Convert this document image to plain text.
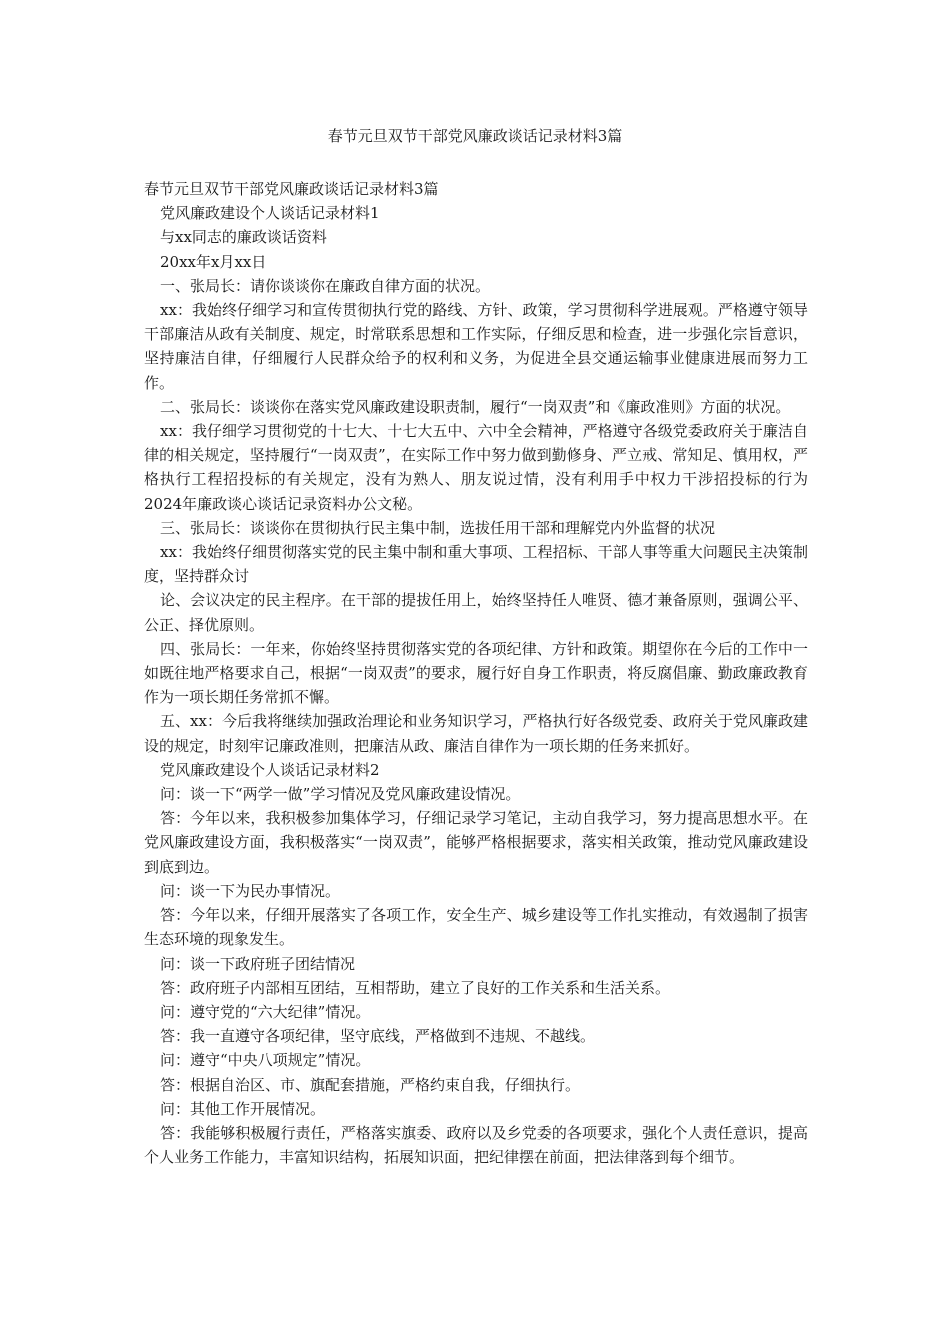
春节元旦双节干部党风廉政谈话记录材料3篇

春节元旦双节干部党风廉政谈话记录材料3篇

党风廉政建设个人谈话记录材料1

与xx同志的廉政谈话资料

20xx年x月xx日

一、张局长：请你谈谈你在廉政自律方面的状况。

xx：我始终仔细学习和宣传贯彻执行党的路线、方针、政策，学习贯彻科学进展观。严格遵守领导干部廉洁从政有关制度、规定，时常联系思想和工作实际，仔细反思和检查，进一步强化宗旨意识，坚持廉洁自律，仔细履行人民群众给予的权利和义务，为促进全县交通运输事业健康进展而努力工作。

二、张局长：谈谈你在落实党风廉政建设职责制，履行“一岗双责”和《廉政准则》方面的状况。

xx：我仔细学习贯彻党的十七大、十七大五中、六中全会精神，严格遵守各级党委政府关于廉洁自律的相关规定，坚持履行“一岗双责”，在实际工作中努力做到勤修身、严立戒、常知足、慎用权，严格执行工程招投标的有关规定，没有为熟人、朋友说过情，没有利用手中权力干涉招投标的行为2024年廉政谈心谈话记录资料办公文秘。

三、张局长：谈谈你在贯彻执行民主集中制，选拔任用干部和理解党内外监督的状况

xx：我始终仔细贯彻落实党的民主集中制和重大事项、工程招标、干部人事等重大问题民主决策制度，坚持群众讨

论、会议决定的民主程序。在干部的提拔任用上，始终坚持任人唯贤、德才兼备原则，强调公平、公正、择优原则。

四、张局长：一年来，你始终坚持贯彻落实党的各项纪律、方针和政策。期望你在今后的工作中一如既往地严格要求自己，根据“一岗双责”的要求，履行好自身工作职责，将反腐倡廉、勤政廉政教育作为一项长期任务常抓不懈。

五、xx：今后我将继续加强政治理论和业务知识学习，严格执行好各级党委、政府关于党风廉政建设的规定，时刻牢记廉政准则，把廉洁从政、廉洁自律作为一项长期的任务来抓好。

党风廉政建设个人谈话记录材料2

问：谈一下“两学一做”学习情况及党风廉政建设情况。

答：今年以来，我积极参加集体学习，仔细记录学习笔记，主动自我学习，努力提高思想水平。在党风廉政建设方面，我积极落实“一岗双责”，能够严格根据要求，落实相关政策，推动党风廉政建设到底到边。

问：谈一下为民办事情况。

答：今年以来，仔细开展落实了各项工作，安全生产、城乡建设等工作扎实推动，有效遏制了损害生态环境的现象发生。

问：谈一下政府班子团结情况

答：政府班子内部相互团结，互相帮助，建立了良好的工作关系和生活关系。

问：遵守党的“六大纪律”情况。

答：我一直遵守各项纪律，坚守底线，严格做到不违规、不越线。

问：遵守“中央八项规定”情况。

答：根据自治区、市、旗配套措施，严格约束自我，仔细执行。

问：其他工作开展情况。

答：我能够积极履行责任，严格落实旗委、政府以及乡党委的各项要求，强化个人责任意识，提高个人业务工作能力，丰富知识结构，拓展知识面，把纪律摆在前面，把法律落到每个细节。
